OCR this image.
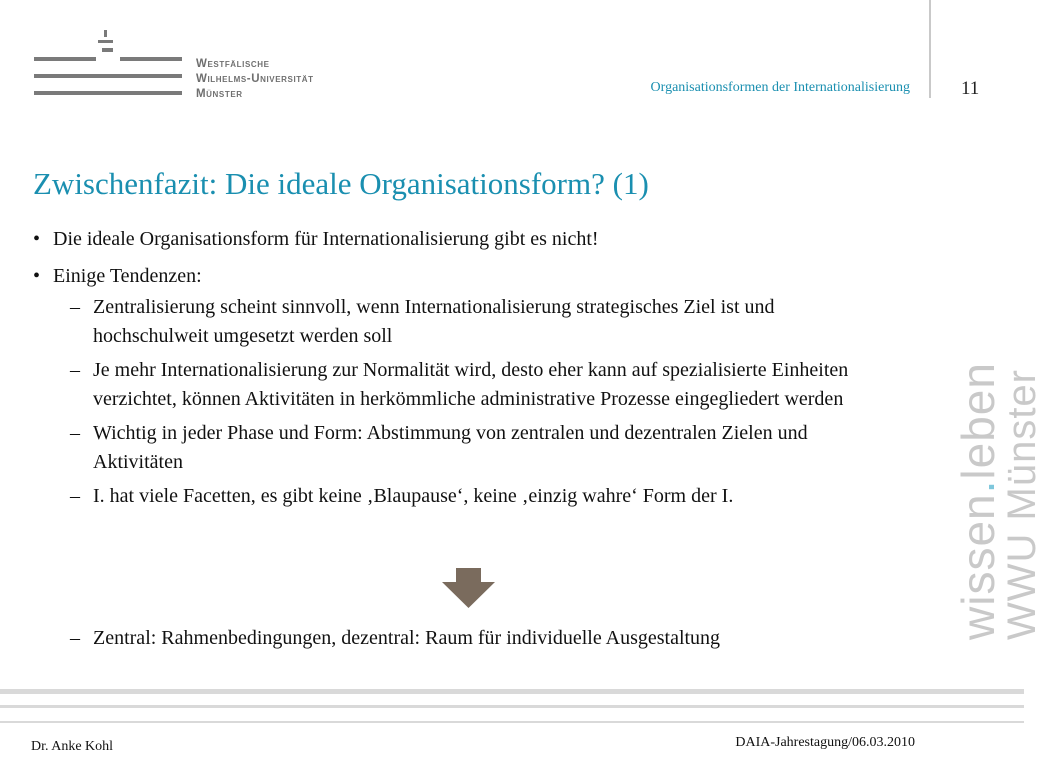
Westfälische
Wilhelms-Universität
Münster	Organisationsformen der Internationalisierung	11
Zwischenfazit: Die ideale Organisationsform? (1)
• Die ideale Organisationsform für Internationalisierung gibt es nicht!
• Einige Tendenzen:
– Zentralisierung scheint sinnvoll, wenn Internationalisierung strategisches Ziel ist und hochschulweit umgesetzt werden soll
– Je mehr Internationalisierung zur Normalität wird, desto eher kann auf spezialisierte Einheiten verzichtet, können Aktivitäten in herkömmliche administrative Prozesse eingegliedert werden
– Wichtig in jeder Phase und Form: Abstimmung von zentralen und dezentralen Zielen und Aktivitäten
– I. hat viele Facetten, es gibt keine ‚Blaupause‘, keine ‚einzig wahre‘ Form der I.
– Zentral: Rahmenbedingungen, dezentral: Raum für individuelle Ausgestaltung	wissen.leben
WWU Münster
Dr. Anke Kohl	DAIA-Jahrestagung/06.03.2010
